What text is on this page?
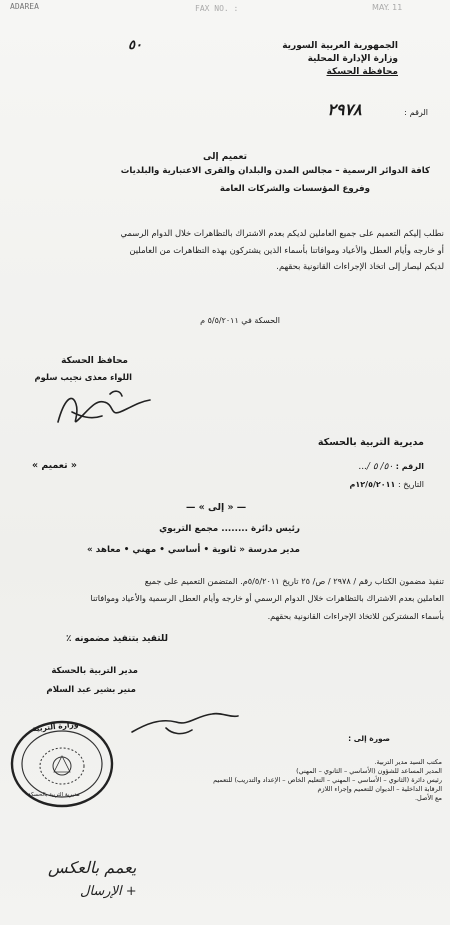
ADAREA	FAX NO. :	MAY. 11
٥٠	الجمهورية العربية السورية
وزارة الإدارة المحلية
محافظة الحسكة
الرقم : ٢٩٧٨
تعميم إلى
كافة الدوائر الرسمية – مجالس المدن والبلدان والقرى الاعتبارية والبلديات
وفروع المؤسسات والشركات العامة
نطلب إليكم التعميم على جميع العاملين لديكم بعدم الاشتراك بالتظاهرات خلال الدوام الرسمي
أو خارجه وأيام العطل والأعياد وموافاتنا بأسماء الذين يشتركون بهذه التظاهرات من العاملين
لديكم ليصار إلى اتخاذ الإجراءات القانونية بحقهم.
الحسكة في ٥/٥/٢٠١١ م
محافظ الحسكة
اللواء معذى نجيب سلوم
مديرية التربية بالحسكة
الرقم : ٥٠/ ٥ /...
التاريخ : ١٢/٥/٢٠١١م
« تعميم »
— « إلى » —
رئيس دائرة ........ مجمع التربوي
مدير مدرسة « ثانوية • أساسي • مهني • معاهد »
تنفيذ مضمون الكتاب رقم / ٢٩٧٨ / ص/ ٢٥ تاريخ ٥/٥/٢٠١١م. المتضمن التعميم على جميع
العاملين بعدم الاشتراك بالتظاهرات خلال الدوام الرسمي أو خارجه وأيام العطل الرسمية والأعياد وموافاتنا
بأسماء المشتركين للاتخاذ الإجراءات القانونية بحقهم.
للتقيد بتنفيذ مضمونه ٪
مدير التربية بالحسكة
منير بشير عبد السلام
وزارة التربية
مديرية التربية بالحسكة
صورة إلى :
مكتب السيد مدير التربية.
المدير المساعد للشؤون (الأساسي – الثانوي – المهني)
رئيس دائرة (الثانوي – الأساسي – المهني – التعليم الخاص – الإعداد والتدريب) للتعميم
الرقابة الداخلية – الديوان للتعميم وإجراء اللازم
مع الأصل.
يعمم بالعكس
+ الإرسال
